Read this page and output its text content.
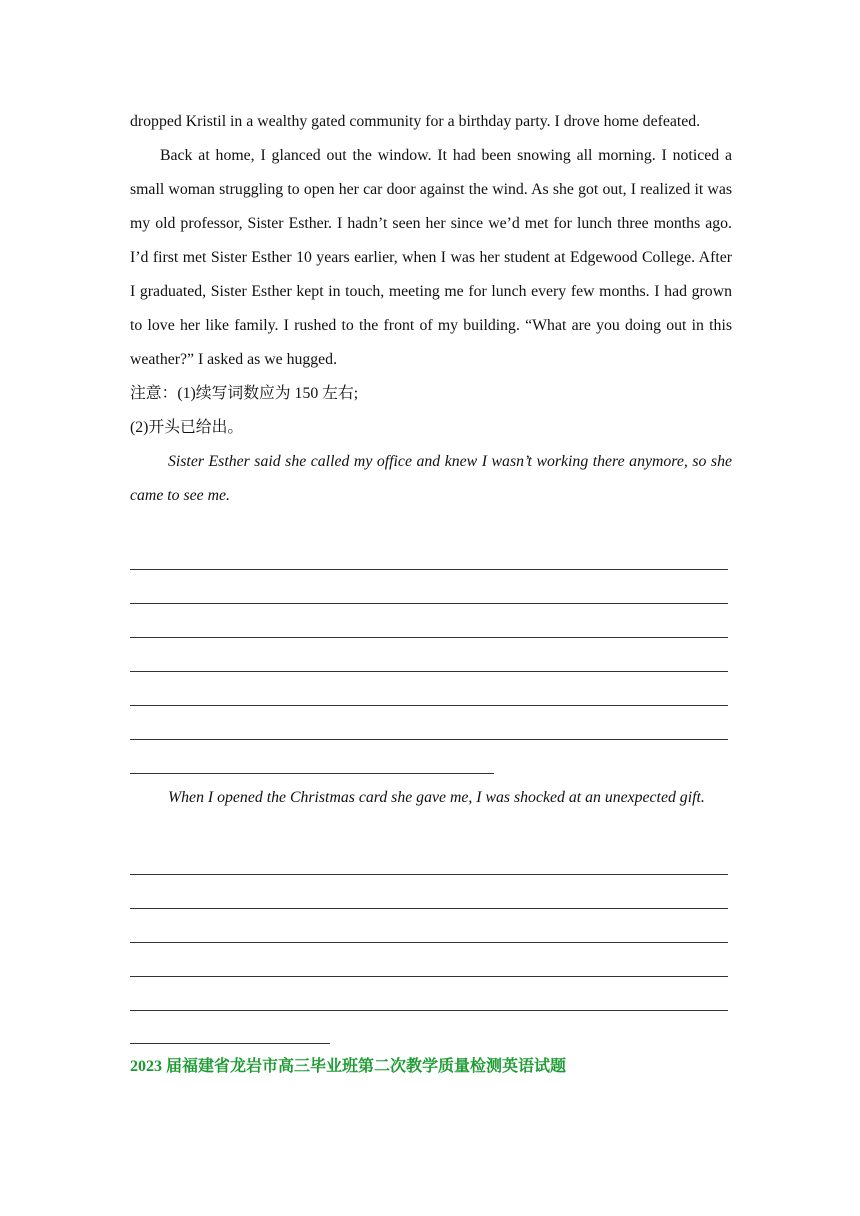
dropped Kristil in a wealthy gated community for a birthday party. I drove home defeated.

Back at home, I glanced out the window. It had been snowing all morning. I noticed a small woman struggling to open her car door against the wind. As she got out, I realized it was my old professor, Sister Esther. I hadn’t seen her since we’d met for lunch three months ago. I’d first met Sister Esther 10 years earlier, when I was her student at Edgewood College. After I graduated, Sister Esther kept in touch, meeting me for lunch every few months. I had grown to love her like family. I rushed to the front of my building. “What are you doing out in this weather?” I asked as we hugged.

注意：(1)续写词数应为 150 左右;

(2)开头已给出。

Sister Esther said she called my office and knew I wasn’t working there anymore, so she came to see me.

When I opened the Christmas card she gave me, I was shocked at an unexpected gift.

2023 届福建省龙岩市高三毕业班第二次教学质量检测英语试题
